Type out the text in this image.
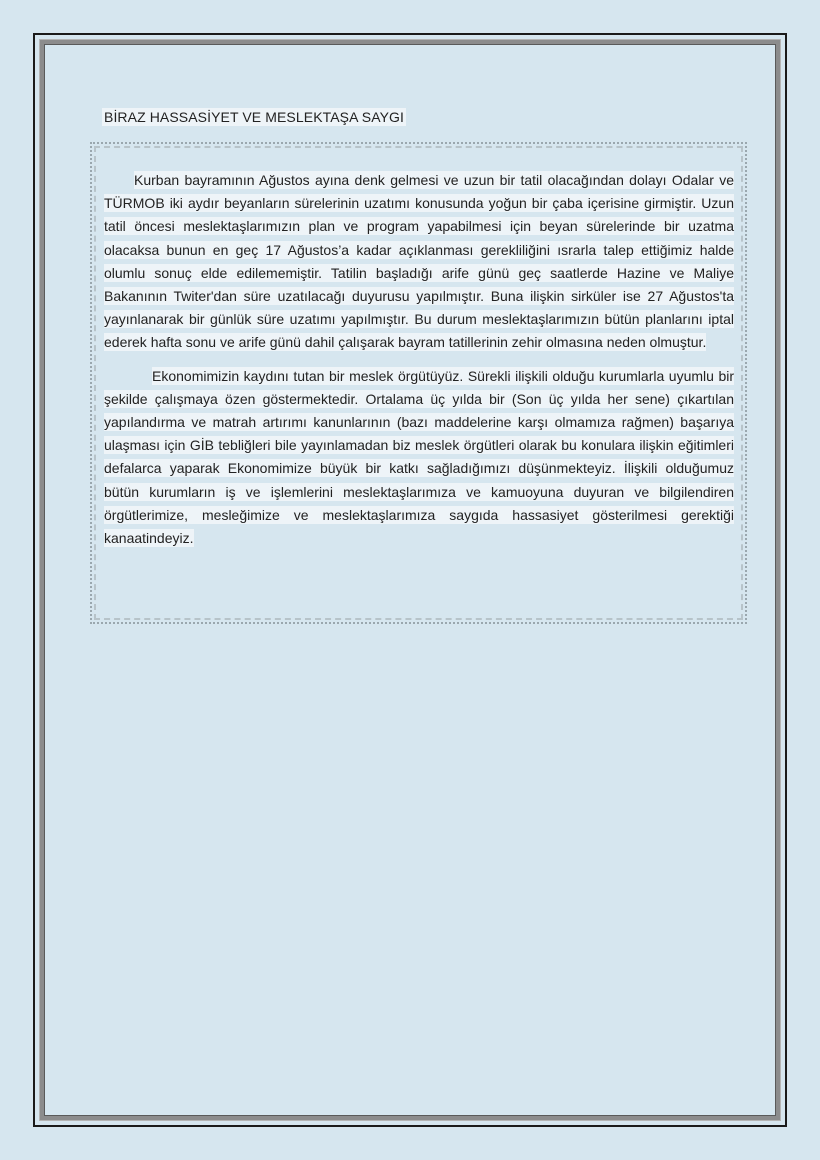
BİRAZ HASSASİYET VE MESLEKTAŞA SAYGI

Kurban bayramının Ağustos ayına denk gelmesi ve uzun bir tatil olacağından dolayı Odalar ve TÜRMOB iki aydır beyanların sürelerinin uzatımı konusunda yoğun bir çaba içerisine girmiştir. Uzun tatil öncesi meslektaşlarımızın plan ve program yapabilmesi için beyan sürelerinde bir uzatma olacaksa bunun en geç 17 Ağustos’a kadar açıklanması gerekliliğini ısrarla talep ettiğimiz halde olumlu sonuç elde edilememiştir. Tatilin başladığı arife günü geç saatlerde Hazine ve Maliye Bakanının Twiter'dan süre uzatılacağı duyurusu yapılmıştır. Buna ilişkin sirküler ise 27 Ağustos'ta yayınlanarak bir günlük süre uzatımı yapılmıştır. Bu durum meslektaşlarımızın bütün planlarını iptal ederek hafta sonu ve arife günü dahil çalışarak bayram tatillerinin zehir olmasına neden olmuştur.

Ekonomimizin kaydını tutan bir meslek örgütüyüz. Sürekli ilişkili olduğu kurumlarla uyumlu bir şekilde çalışmaya özen göstermektedir. Ortalama üç yılda bir (Son üç yılda her sene) çıkartılan yapılandırma ve matrah artırımı kanunlarının (bazı maddelerine karşı olmamıza rağmen) başarıya ulaşması için GİB tebliğleri bile yayınlamadan biz meslek örgütleri olarak bu konulara ilişkin eğitimleri defalarca yaparak Ekonomimize büyük bir katkı sağladığımızı düşünmekteyiz. İlişkili olduğumuz bütün kurumların iş ve işlemlerini meslektaşlarımıza ve kamuoyuna duyuran ve bilgilendiren örgütlerimize, mesleğimize ve meslektaşlarımıza saygıda hassasiyet gösterilmesi gerektiği kanaatindeyiz.
